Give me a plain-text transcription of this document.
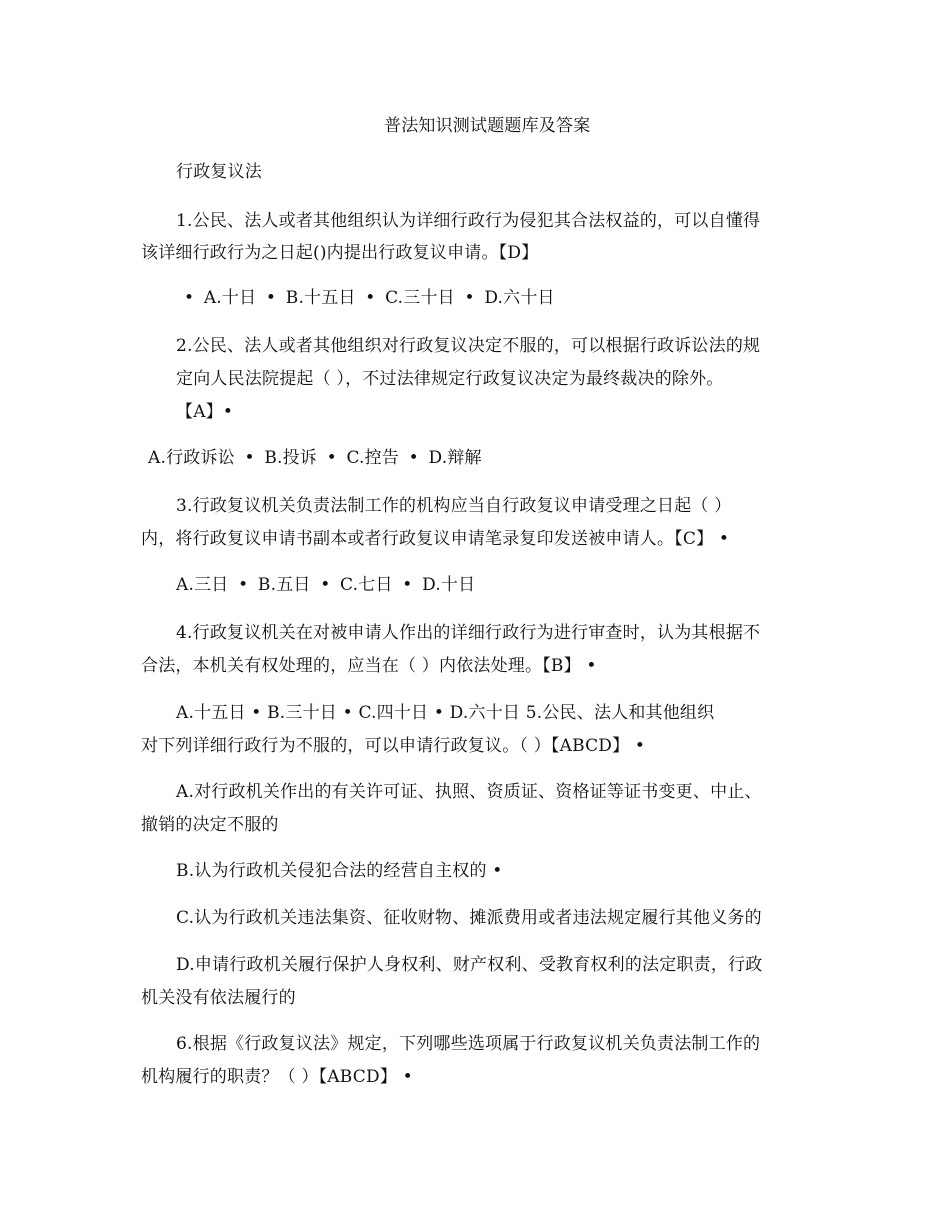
普法知识测试题题库及答案
行政复议法
1.公民、法人或者其他组织认为详细行政行为侵犯其合法权益的，可以自懂得
该详细行政行为之日起()内提出行政复议申请。【D】
• A.十日 • B.十五日 • C.三十日 • D.六十日
2.公民、法人或者其他组织对行政复议决定不服的，可以根据行政诉讼法的规
定向人民法院提起（ ），不过法律规定行政复议决定为最终裁决的除外。
【A】•
A.行政诉讼 • B.投诉 • C.控告 • D.辩解
3.行政复议机关负责法制工作的机构应当自行政复议申请受理之日起（ ）
内，将行政复议申请书副本或者行政复议申请笔录复印发送被申请人。【C】 •
A.三日 • B.五日 • C.七日 • D.十日
4.行政复议机关在对被申请人作出的详细行政行为进行审查时，认为其根据不
合法，本机关有权处理的，应当在（ ）内依法处理。【B】 •
A.十五日 • B.三十日 • C.四十日 • D.六十日 5.公民、法人和其他组织
对下列详细行政行为不服的，可以申请行政复议。（ ）【ABCD】 •
A.对行政机关作出的有关许可证、执照、资质证、资格证等证书变更、中止、
撤销的决定不服的
B.认为行政机关侵犯合法的经营自主权的 •
C.认为行政机关违法集资、征收财物、摊派费用或者违法规定履行其他义务的
D.申请行政机关履行保护人身权利、财产权利、受教育权利的法定职责，行政
机关没有依法履行的
6.根据《行政复议法》规定，下列哪些选项属于行政复议机关负责法制工作的
机构履行的职责？（ ）【ABCD】 •
